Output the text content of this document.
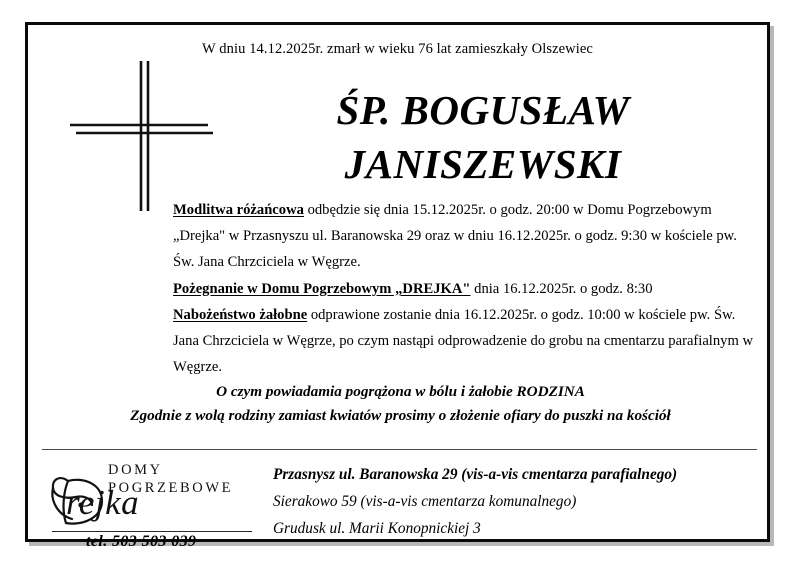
W dniu 14.12.2025r. zmarł w wieku 76 lat zamieszkały Olszewiec
ŚP. BOGUSŁAW
JANISZEWSKI

Modlitwa różańcowa odbędzie się dnia 15.12.2025r. o godz. 20:00 w Domu Pogrzebowym „Drejka" w Przasnyszu ul. Baranowska 29 oraz w dniu 16.12.2025r. o godz. 9:30 w kościele pw. Św. Jana Chrzciciela w Węgrze.

Pożegnanie w Domu Pogrzebowym „DREJKA" dnia 16.12.2025r. o godz. 8:30

Nabożeństwo żałobne odprawione zostanie dnia 16.12.2025r. o godz. 10:00 w kościele pw. Św. Jana Chrzciciela w Węgrze, po czym nastąpi odprowadzenie do grobu na cmentarzu parafialnym w Węgrze.

O czym powiadamia pogrążona w bólu i żałobie RODZINA
Zgodnie z wolą rodziny zamiast kwiatów prosimy o złożenie ofiary do puszki na kościół
DOMY
POGRZEBOWE
rejka
tel. 503 503 039
Przasnysz ul. Baranowska 29 (vis-a-vis cmentarza parafialnego)
Sierakowo 59 (vis-a-vis cmentarza komunalnego)
Grudusk ul. Marii Konopnickiej 3
